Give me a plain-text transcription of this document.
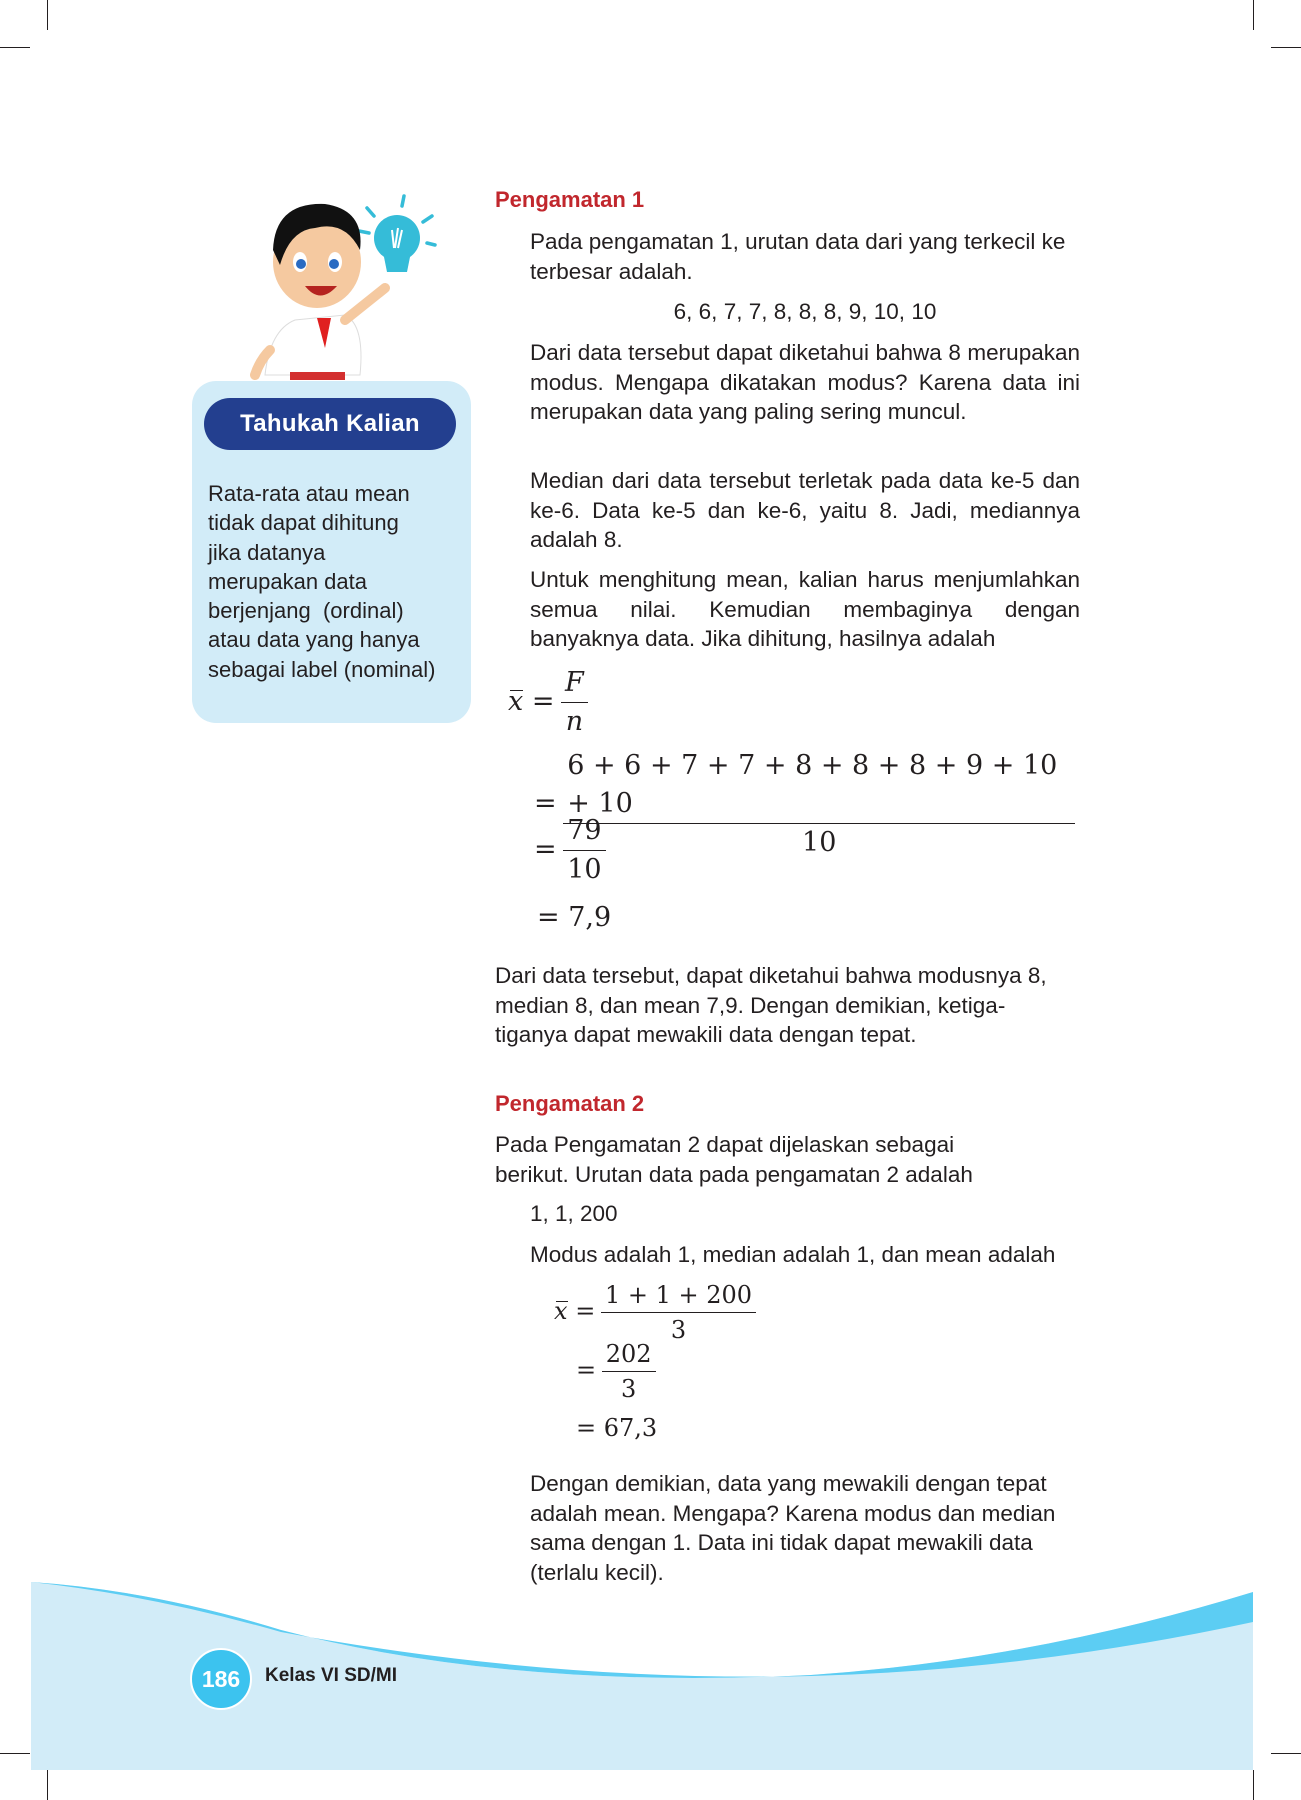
Tahukah Kalian
Rata-rata atau mean
tidak dapat dihitung
jika datanya
merupakan data
berjenjang  (ordinal)
atau data yang hanya
sebagai label (nominal)
Pengamatan 1
Pada pengamatan 1, urutan data dari yang terkecil ke terbesar adalah.
6, 6, 7, 7, 8, 8, 8, 9, 10, 10
Dari data tersebut dapat diketahui bahwa 8 merupakan modus. Mengapa dikatakan modus? Karena data ini merupakan data yang paling sering muncul.
Median dari data tersebut terletak pada data ke-5 dan ke-6. Data ke-5 dan ke-6, yaitu 8. Jadi, mediannya adalah 8.
Untuk menghitung mean, kalian harus menjumlahkan semua nilai. Kemudian membaginya dengan banyaknya data. Jika dihitung, hasilnya adalah
$x = \frac{F}{n}$
= $\frac{6 + 6 + 7 + 7 + 8 + 8 + 8 + 9 + 10 + 10}{10}$
= $\frac{79}{10}$
= 7,9
Dari data tersebut, dapat diketahui bahwa modusnya 8, median 8, dan mean 7,9. Dengan demikian, ketiga-tiganya dapat mewakili data dengan tepat.
Pengamatan 2
Pada Pengamatan 2 dapat dijelaskan sebagai
berikut. Urutan data pada pengamatan 2 adalah
1, 1, 200
Modus adalah 1, median adalah 1, dan mean adalah
$x = \frac{1 + 1 + 200}{3}$
= $\frac{202}{3}$
= 67,3
Dengan demikian, data yang mewakili dengan tepat
adalah mean. Mengapa? Karena modus dan median
sama dengan 1. Data ini tidak dapat mewakili data
(terlalu kecil).
186	Kelas VI SD/MI
